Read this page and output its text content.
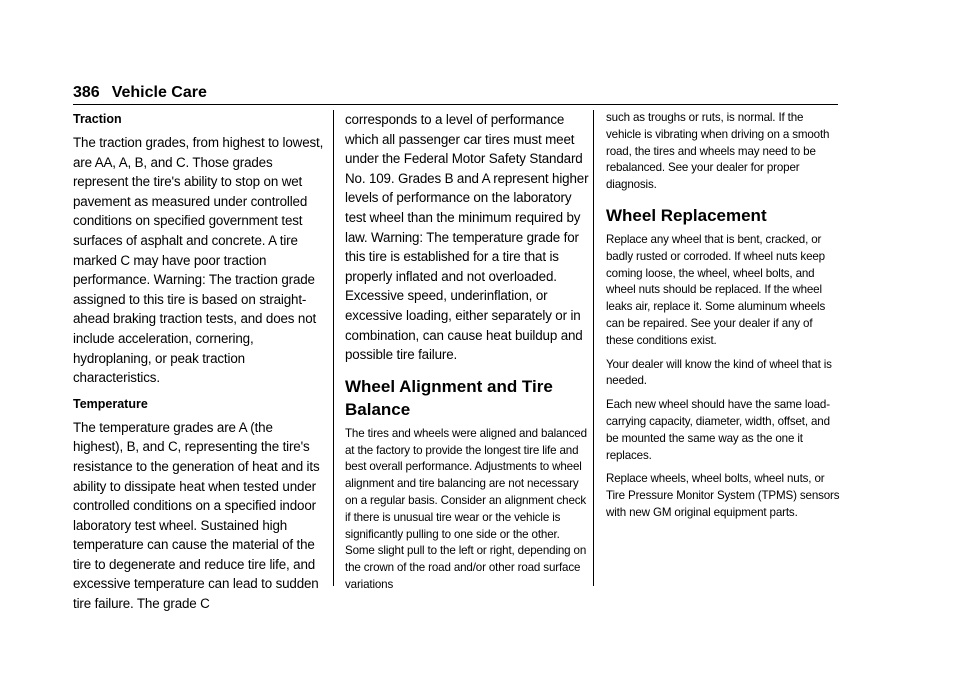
386 Vehicle Care
Traction

The traction grades, from highest to lowest, are AA, A, B, and C. Those grades represent the tire's ability to stop on wet pavement as measured under controlled conditions on specified government test surfaces of asphalt and concrete. A tire marked C may have poor traction performance. Warning: The traction grade assigned to this tire is based on straight-ahead braking traction tests, and does not include acceleration, cornering, hydroplaning, or peak traction characteristics.

Temperature

The temperature grades are A (the highest), B, and C, representing the tire's resistance to the generation of heat and its ability to dissipate heat when tested under controlled conditions on a specified indoor laboratory test wheel. Sustained high temperature can cause the material of the tire to degenerate and reduce tire life, and excessive temperature can lead to sudden tire failure. The grade C

corresponds to a level of performance which all passenger car tires must meet under the Federal Motor Safety Standard No. 109. Grades B and A represent higher levels of performance on the laboratory test wheel than the minimum required by law. Warning: The temperature grade for this tire is established for a tire that is properly inflated and not overloaded. Excessive speed, underinflation, or excessive loading, either separately or in combination, can cause heat buildup and possible tire failure.

Wheel Alignment and Tire Balance

The tires and wheels were aligned and balanced at the factory to provide the longest tire life and best overall performance. Adjustments to wheel alignment and tire balancing are not necessary on a regular basis. Consider an alignment check if there is unusual tire wear or the vehicle is significantly pulling to one side or the other. Some slight pull to the left or right, depending on the crown of the road and/or other road surface variations

such as troughs or ruts, is normal. If the vehicle is vibrating when driving on a smooth road, the tires and wheels may need to be rebalanced. See your dealer for proper diagnosis.

Wheel Replacement

Replace any wheel that is bent, cracked, or badly rusted or corroded. If wheel nuts keep coming loose, the wheel, wheel bolts, and wheel nuts should be replaced. If the wheel leaks air, replace it. Some aluminum wheels can be repaired. See your dealer if any of these conditions exist.

Your dealer will know the kind of wheel that is needed.

Each new wheel should have the same load-carrying capacity, diameter, width, offset, and be mounted the same way as the one it replaces.

Replace wheels, wheel bolts, wheel nuts, or Tire Pressure Monitor System (TPMS) sensors with new GM original equipment parts.
